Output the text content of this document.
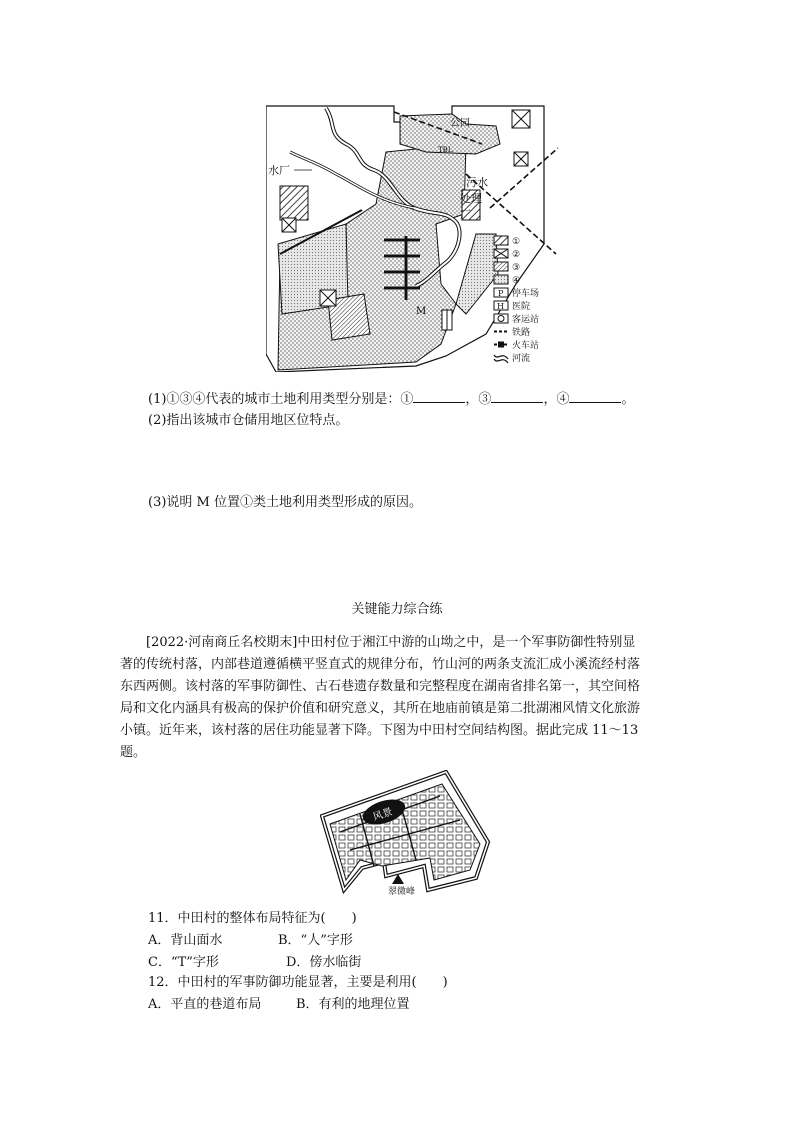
水厂
公园
TBL
污水
处理
厂
M
①
②
③
④
P 停车场
H 医院
客运站
铁路
火车站
河流
(1)①③④代表的城市土地利用类型分别是：①	，③	，④	。
(2)指出该城市仓储用地区位特点。
(3)说明 M 位置①类土地利用类型形成的原因。
关键能力综合练
[2022·河南商丘名校期末]中田村位于湘江中游的山坳之中，是一个军事防御性特别显
著的传统村落，内部巷道遵循横平竖直式的规律分布，竹山河的两条支流汇成小溪流经村落
东西两侧。该村落的军事防御性、古石巷遗存数量和完整程度在湖南省排名第一，其空间格
局和文化内涵具有极高的保护价值和研究意义，其所在地庙前镇是第二批湖湘风情文化旅游
小镇。近年来，该村落的居住功能显著下降。下图为中田村空间结构图。据此完成 11～13
题。
风景
翠微峰
11．中田村的整体布局特征为(　　)
A．背山面水	B．“人”字形
C．“T”字形	D．傍水临街
12．中田村的军事防御功能显著，主要是利用(　　)
A．平直的巷道布局	B．有利的地理位置
